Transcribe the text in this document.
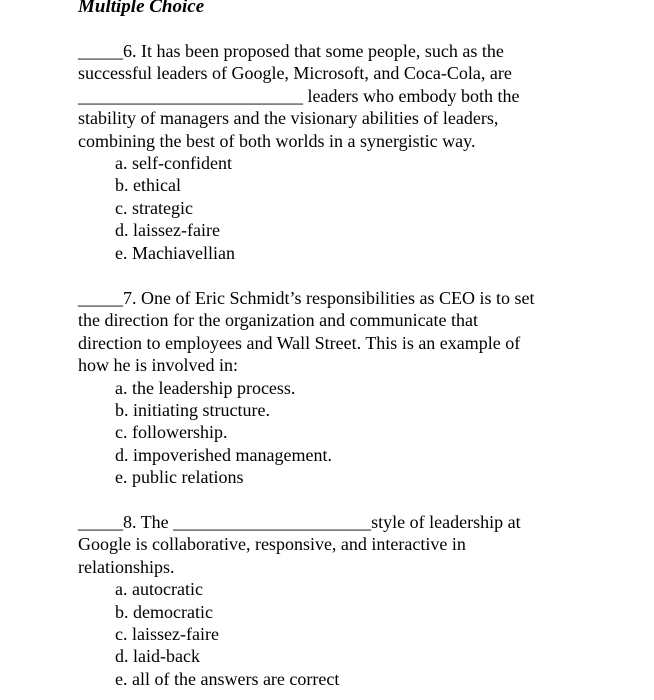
Multiple Choice

_____6. It has been proposed that some people, such as the
successful leaders of Google, Microsoft, and Coca-Cola, are
_________________________ leaders who embody both the
stability of managers and the visionary abilities of leaders,
combining the best of both worlds in a synergistic way.

a. self-confident
b. ethical
c. strategic
d. laissez-faire
e. Machiavellian

_____7. One of Eric Schmidt’s responsibilities as CEO is to set
the direction for the organization and communicate that
direction to employees and Wall Street. This is an example of
how he is involved in:

a. the leadership process.
b. initiating structure.
c. followership.
d. impoverished management.
e. public relations

_____8. The ______________________style of leadership at
Google is collaborative, responsive, and interactive in
relationships.

a. autocratic
b. democratic
c. laissez-faire
d. laid-back
e. all of the answers are correct
